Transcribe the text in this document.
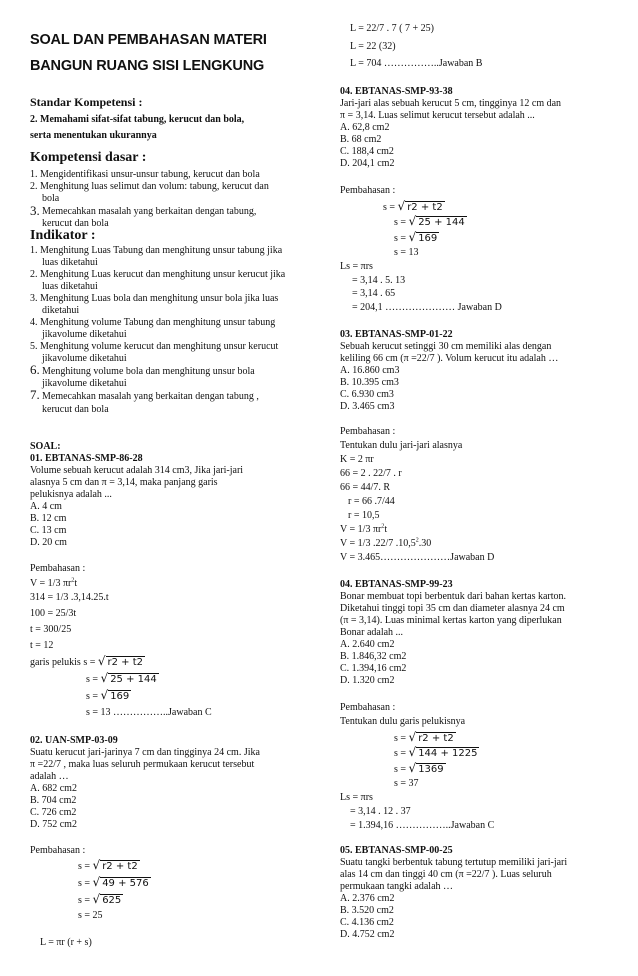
SOAL DAN PEMBAHASAN MATERI
BANGUN RUANG SISI LENGKUNG
Standar Kompetensi :
2. Memahami sifat-sifat tabung, kerucut dan bola,
serta menentukan ukurannya
Kompetensi dasar :
1. Mengidentifikasi unsur-unsur tabung, kerucut dan bola
2. Menghitung luas selimut dan volum: tabung, kerucut dan
bola
3. Memecahkan masalah yang berkaitan dengan tabung,
kerucut dan bola
Indikator :
1. Menghitung Luas Tabung dan menghitung unsur tabung jika
luas diketahui
2. Menghitung Luas kerucut dan menghitung unsur kerucut jika
luas diketahui
3. Menghitung Luas bola dan menghitung unsur bola jika luas
diketahui
4. Menghitung volume Tabung dan menghitung unsur tabung
jikavolume diketahui
5. Menghitung volume kerucut dan menghitung unsur kerucut
jikavolume diketahui
6. Menghitung volume bola dan menghitung unsur bola
jikavolume diketahui
7. Memecahkan masalah yang berkaitan dengan tabung ,
kerucut dan bola
SOAL:
01. EBTANAS-SMP-86-28
Volume sebuah kerucut adalah 314 cm3, Jika jari-jari
alasnya 5 cm dan π = 3,14, maka panjang garis
pelukisnya adalah ...
A. 4 cm
B. 12 cm
C. 13 cm
D. 20 cm
Pembahasan :
V = 1/3 $\pi r^2t$
314 = 1/3 .3,14.25.t
100 = 25/3t
t = 300/25
t = 12
garis pelukis s = √ r2 + t2
s = √ 25 + 144
s = √ 169
s = 13 ……………..Jawaban C
02. UAN-SMP-03-09
Suatu kerucut jari-jarinya 7 cm dan tingginya 24 cm. Jika
π =22/7 , maka luas seluruh permukaan kerucut tersebut
adalah …
A. 682 cm2
B. 704 cm2
C. 726 cm2
D. 752 cm2
Pembahasan :
s = √ r2 + t2
s = √ 49 + 576
s = √ 625
s = 25
L = πr (r + s)
L = 22/7 . 7 ( 7 + 25)
L = 22 (32)
L = 704 ……………..Jawaban B
04. EBTANAS-SMP-93-38
Jari-jari alas sebuah kerucut 5 cm, tingginya 12 cm dan
π = 3,14. Luas selimut kerucut tersebut adalah ...
A. 62,8 cm2
B. 68 cm2
C. 188,4 cm2
D. 204,1 cm2
Pembahasan :
s = √ r2 + t2
s = √ 25 + 144
s = √ 169
s = 13
Ls = πrs
= 3,14 . 5. 13
= 3,14 . 65
= 204,1 ………………… Jawaban D
03. EBTANAS-SMP-01-22
Sebuah kerucut setinggi 30 cm memiliki alas dengan
keliling 66 cm (π =22/7 ). Volum kerucut itu adalah …
A. 16.860 cm3
B. 10.395 cm3
C. 6.930 cm3
D. 3.465 cm3
Pembahasan :
Tentukan dulu jari-jari alasnya
K = 2 πr
66 = 2 . 22/7 . r
66 = 44/7. R
r = 66 .7/44
r = 10,5
V = 1/3 $\pi r^2t$
V = 1/3 .22/7 .10,5$^2$.30
V = 3.465…………………Jawaban D
04. EBTANAS-SMP-99-23
Bonar membuat topi berbentuk dari bahan kertas karton.
Diketahui tinggi topi 35 cm dan diameter alasnya 24 cm
(π = 3,14). Luas minimal kertas karton yang diperlukan
Bonar adalah ...
A. 2.640 cm2
B. 1.846,32 cm2
C. 1.394,16 cm2
D. 1.320 cm2
Pembahasan :
Tentukan dulu garis pelukisnya
s = √ r2 + t2
s = √ 144 + 1225
s = √ 1369
s = 37
Ls = πrs
= 3,14 . 12 . 37
= 1.394,16 ……………..Jawaban C
05. EBTANAS-SMP-00-25
Suatu tangki berbentuk tabung tertutup memiliki jari-jari
alas 14 cm dan tinggi 40 cm (π =22/7 ). Luas seluruh
permukaan tangki adalah …
A. 2.376 cm2
B. 3.520 cm2
C. 4.136 cm2
D. 4.752 cm2
